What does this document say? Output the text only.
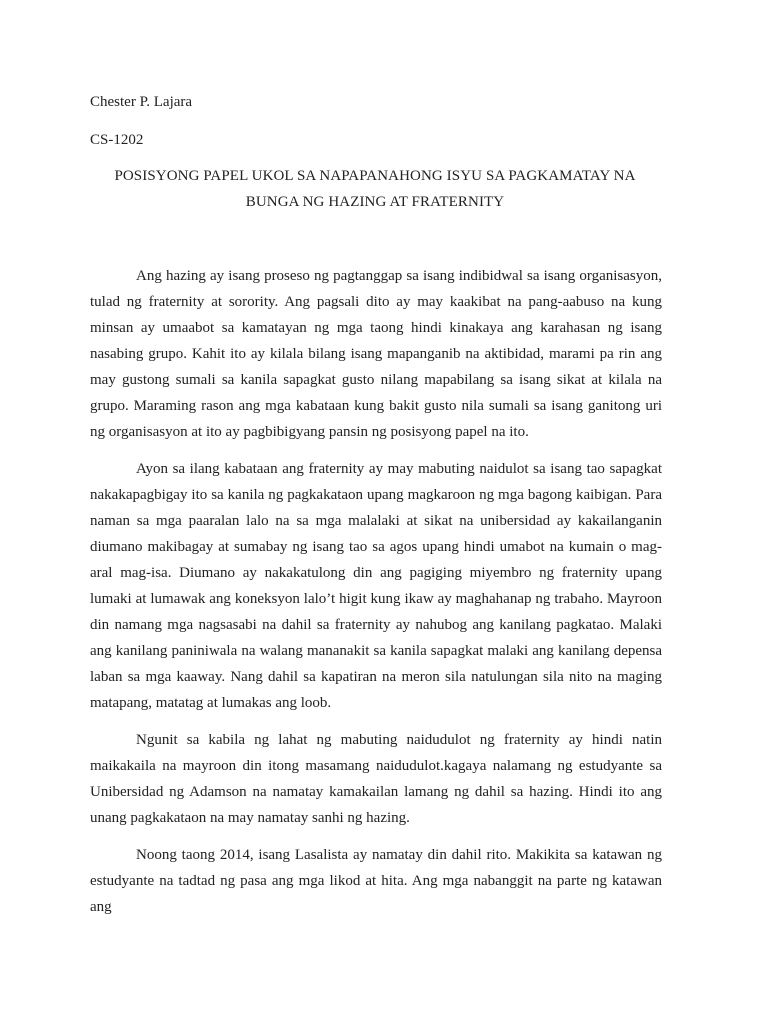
Chester P. Lajara
CS-1202
POSISYONG PAPEL UKOL SA NAPAPANAHONG ISYU SA PAGKAMATAY NA
BUNGA NG HAZING AT FRATERNITY

Ang hazing ay isang proseso ng pagtanggap sa isang indibidwal sa isang organisasyon, tulad ng fraternity at sorority. Ang pagsali dito ay may kaakibat na pang-aabuso na kung minsan ay umaabot sa kamatayan ng mga taong hindi kinakaya ang karahasan ng isang nasabing grupo. Kahit ito ay kilala bilang isang mapanganib na aktibidad, marami pa rin ang may gustong sumali sa kanila sapagkat gusto nilang mapabilang sa isang sikat at kilala na grupo. Maraming rason ang mga kabataan kung bakit gusto nila sumali sa isang ganitong uri ng organisasyon at ito ay pagbibigyang pansin ng posisyong papel na ito.

Ayon sa ilang kabataan ang fraternity ay may mabuting naidulot sa isang tao sapagkat nakakapagbigay ito sa kanila ng pagkakataon upang magkaroon ng mga bagong kaibigan. Para naman sa mga paaralan lalo na sa mga malalaki at sikat na unibersidad ay kakailanganin diumano makibagay at sumabay ng isang tao sa agos upang hindi umabot na kumain o mag-aral mag-isa. Diumano ay nakakatulong din ang pagiging miyembro ng fraternity upang lumaki at lumawak ang koneksyon lalo’t higit kung ikaw ay maghahanap ng trabaho. Mayroon din namang mga nagsasabi na dahil sa fraternity ay nahubog ang kanilang pagkatao. Malaki ang kanilang paniniwala na walang mananakit sa kanila sapagkat malaki ang kanilang depensa laban sa mga kaaway. Nang dahil sa kapatiran na meron sila natulungan sila nito na maging matapang, matatag at lumakas ang loob.

Ngunit sa kabila ng lahat ng mabuting naidudulot ng fraternity ay hindi natin maikakaila na mayroon din itong masamang naidudulot.kagaya nalamang ng estudyante sa Unibersidad ng Adamson na namatay kamakailan lamang ng dahil sa hazing. Hindi ito ang unang pagkakataon na may namatay sanhi ng hazing.

Noong taong 2014, isang Lasalista ay namatay din dahil rito. Makikita sa katawan ng estudyante na tadtad ng pasa ang mga likod at hita. Ang mga nabanggit na parte ng katawan ang
